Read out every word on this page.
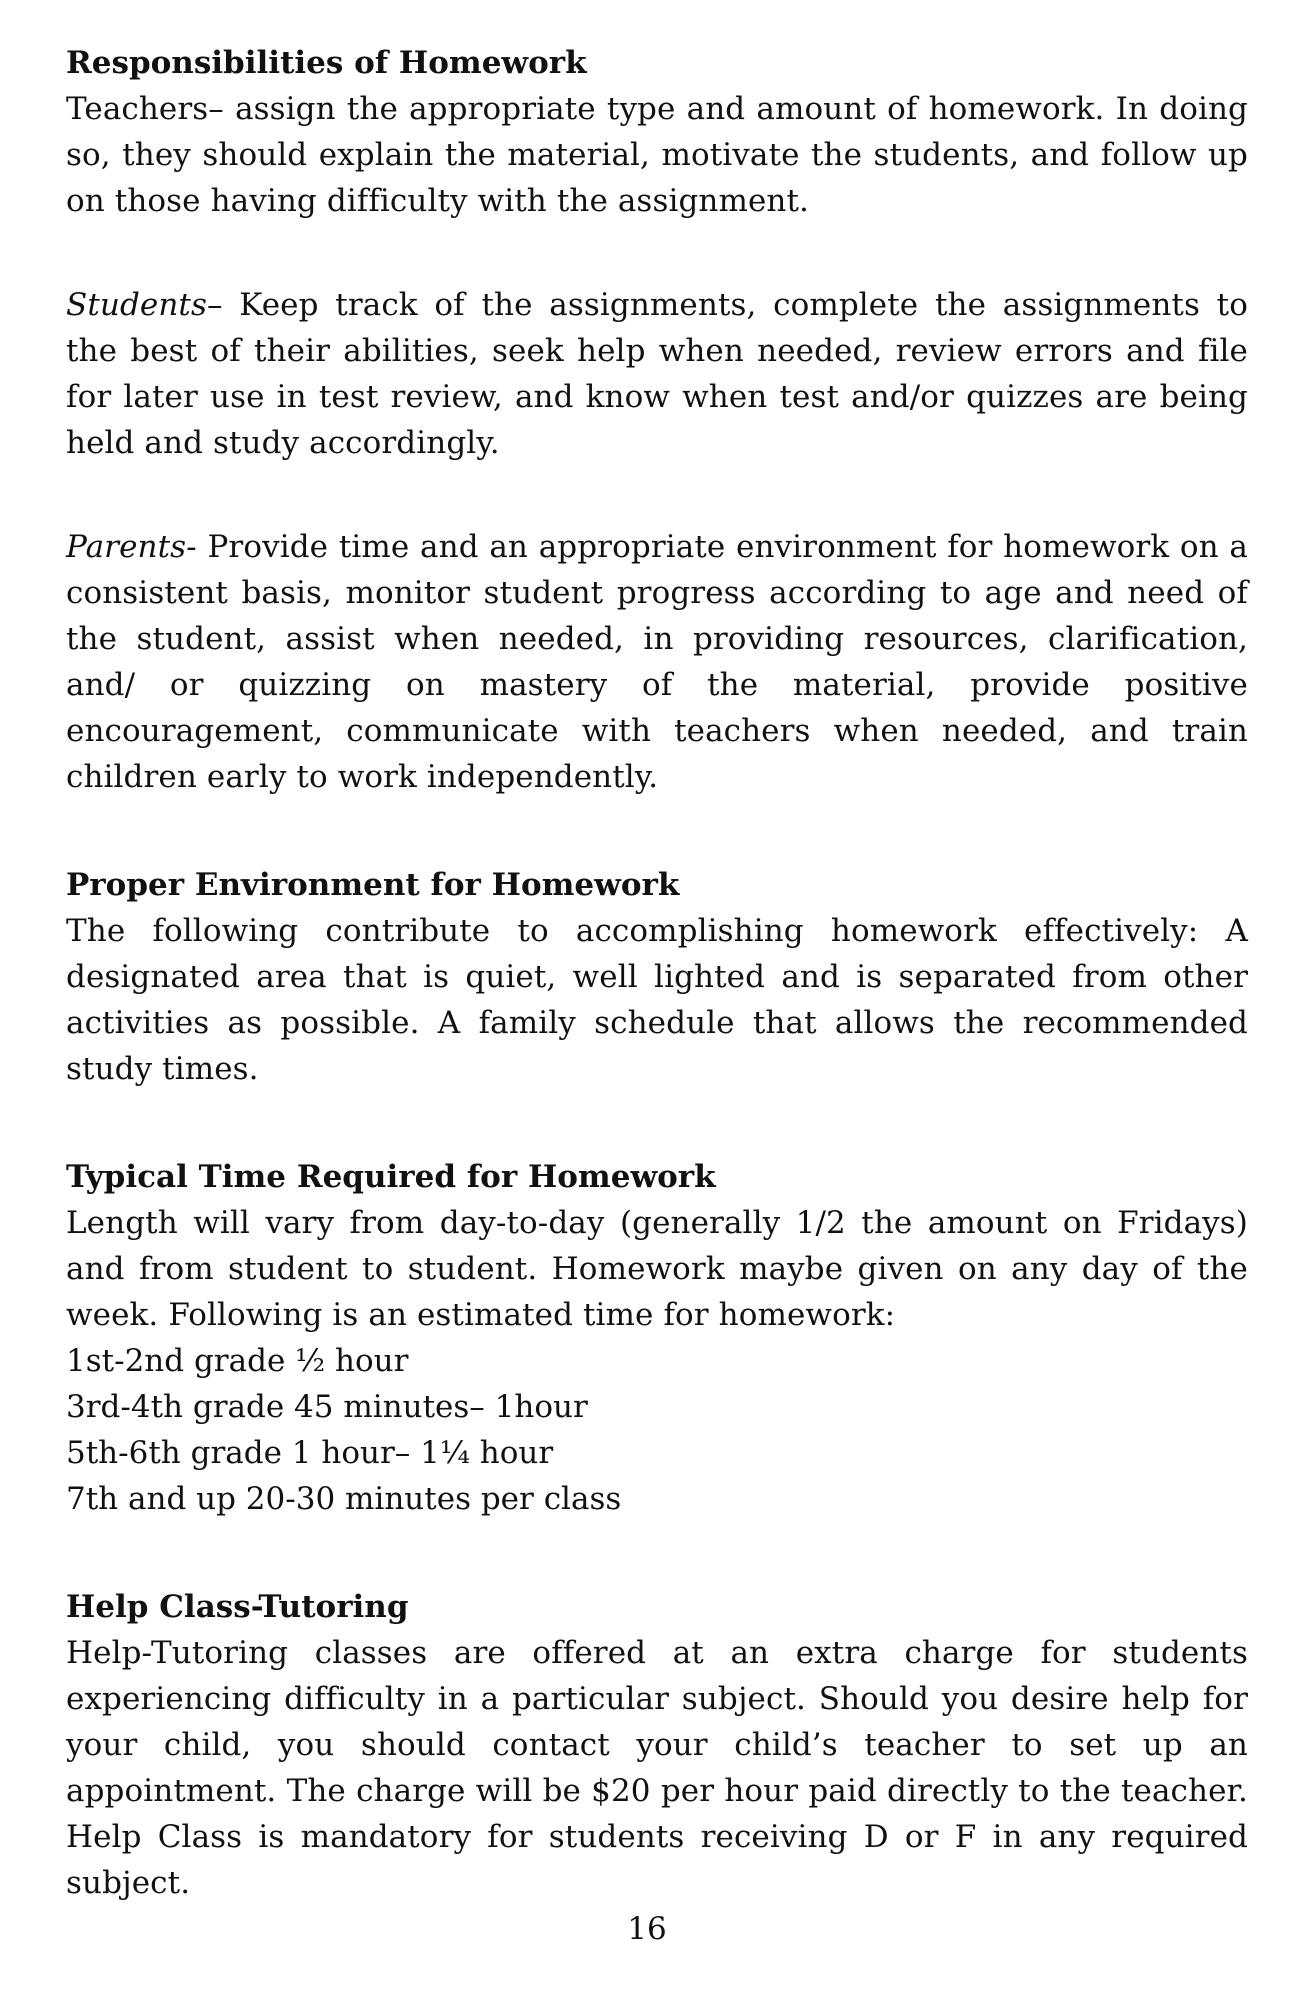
Responsibilities of Homework

Teachers– assign the appropriate type and amount of homework. In doing so, they should explain the material, motivate the students, and follow up on those having difficulty with the assignment.

Students– Keep track of the assignments, complete the assignments to the best of their abilities, seek help when needed, review errors and file for later use in test review, and know when test and/or quizzes are being held and study accordingly.

Parents- Provide time and an appropriate environment for homework on a consistent basis, monitor student progress according to age and need of the student, assist when needed, in providing resources, clarification, and/ or quizzing on mastery of the material, provide positive encouragement, communicate with teachers when needed, and train children early to work independently.

Proper Environment for Homework

The following contribute to accomplishing homework effectively: A designated area that is quiet, well lighted and is separated from other activities as possible. A family schedule that allows the recommended study times.

Typical Time Required for Homework

Length will vary from day-to-day (generally 1/2 the amount on Fridays) and from student to student. Homework maybe given on any day of the week. Following is an estimated time for homework:

1st-2nd grade ½ hour
3rd-4th grade 45 minutes– 1hour
5th-6th grade 1 hour– 1¼ hour
7th and up 20-30 minutes per class
Help Class-Tutoring

Help-Tutoring classes are offered at an extra charge for students experiencing difficulty in a particular subject. Should you desire help for your child, you should contact your child’s teacher to set up an appointment. The charge will be $20 per hour paid directly to the teacher. Help Class is mandatory for students receiving D or F in any required subject.

16
